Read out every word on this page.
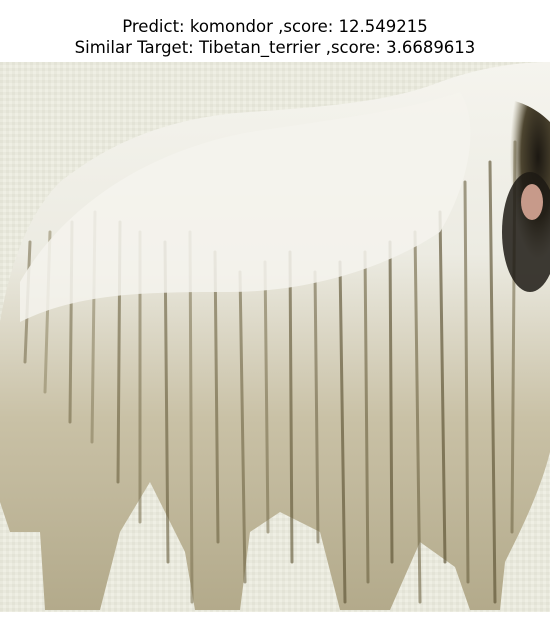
Predict: komondor ,score: 12.549215
Similar Target: Tibetan_terrier ,score: 3.6689613
